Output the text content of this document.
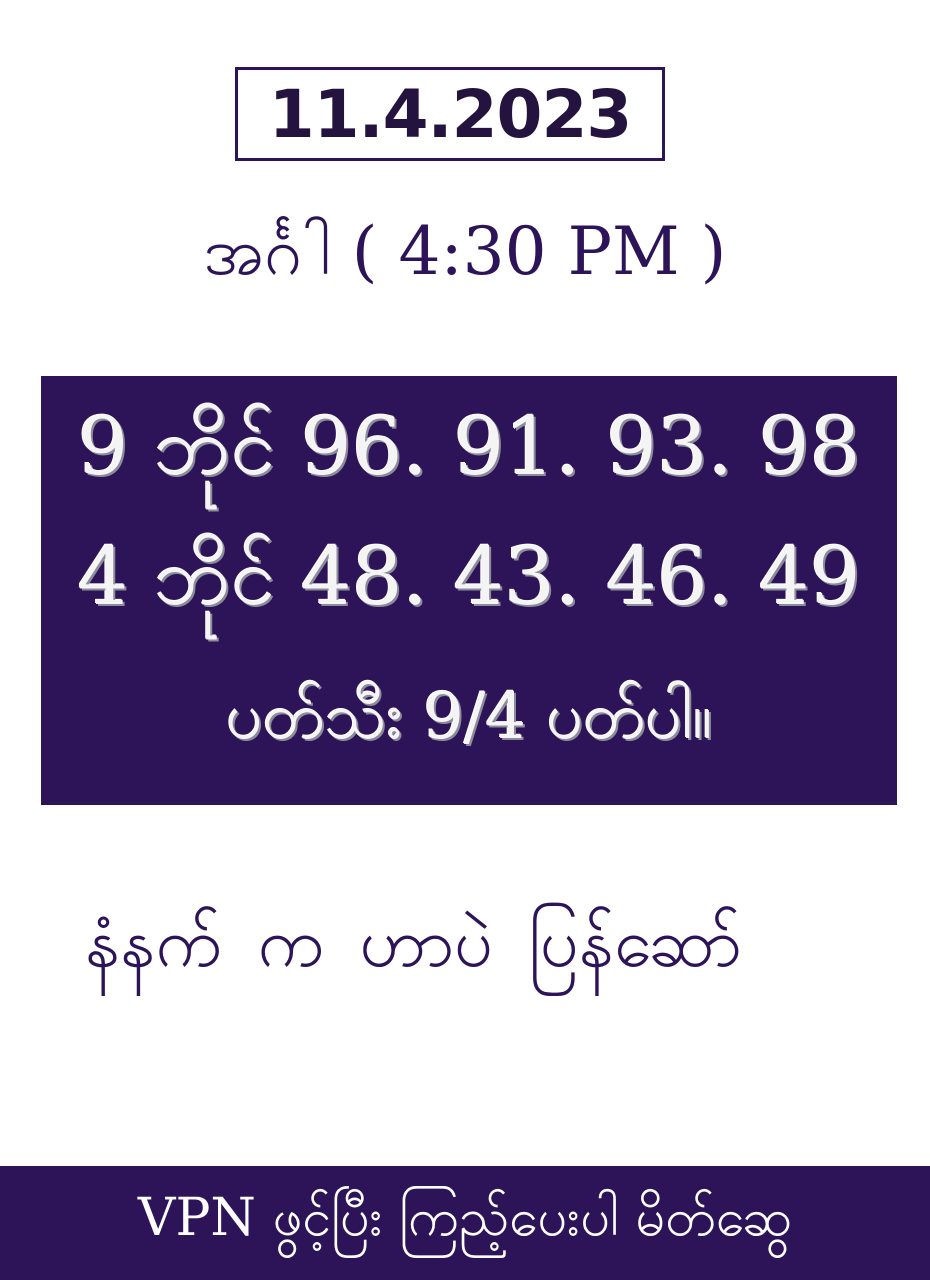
11.4.2023
အင်္ဂါ ( 4:30 PM )
9 ဘိုင် 96. 91. 93. 98
4 ဘိုင် 48. 43. 46. 49
ပတ်သီး 9/4 ပတ်ပါ။
နံနက် က ဟာပဲ ပြန်ဆော်
VPN ဖွင့်ပြီး ကြည့်ပေးပါ မိတ်ဆွေ
